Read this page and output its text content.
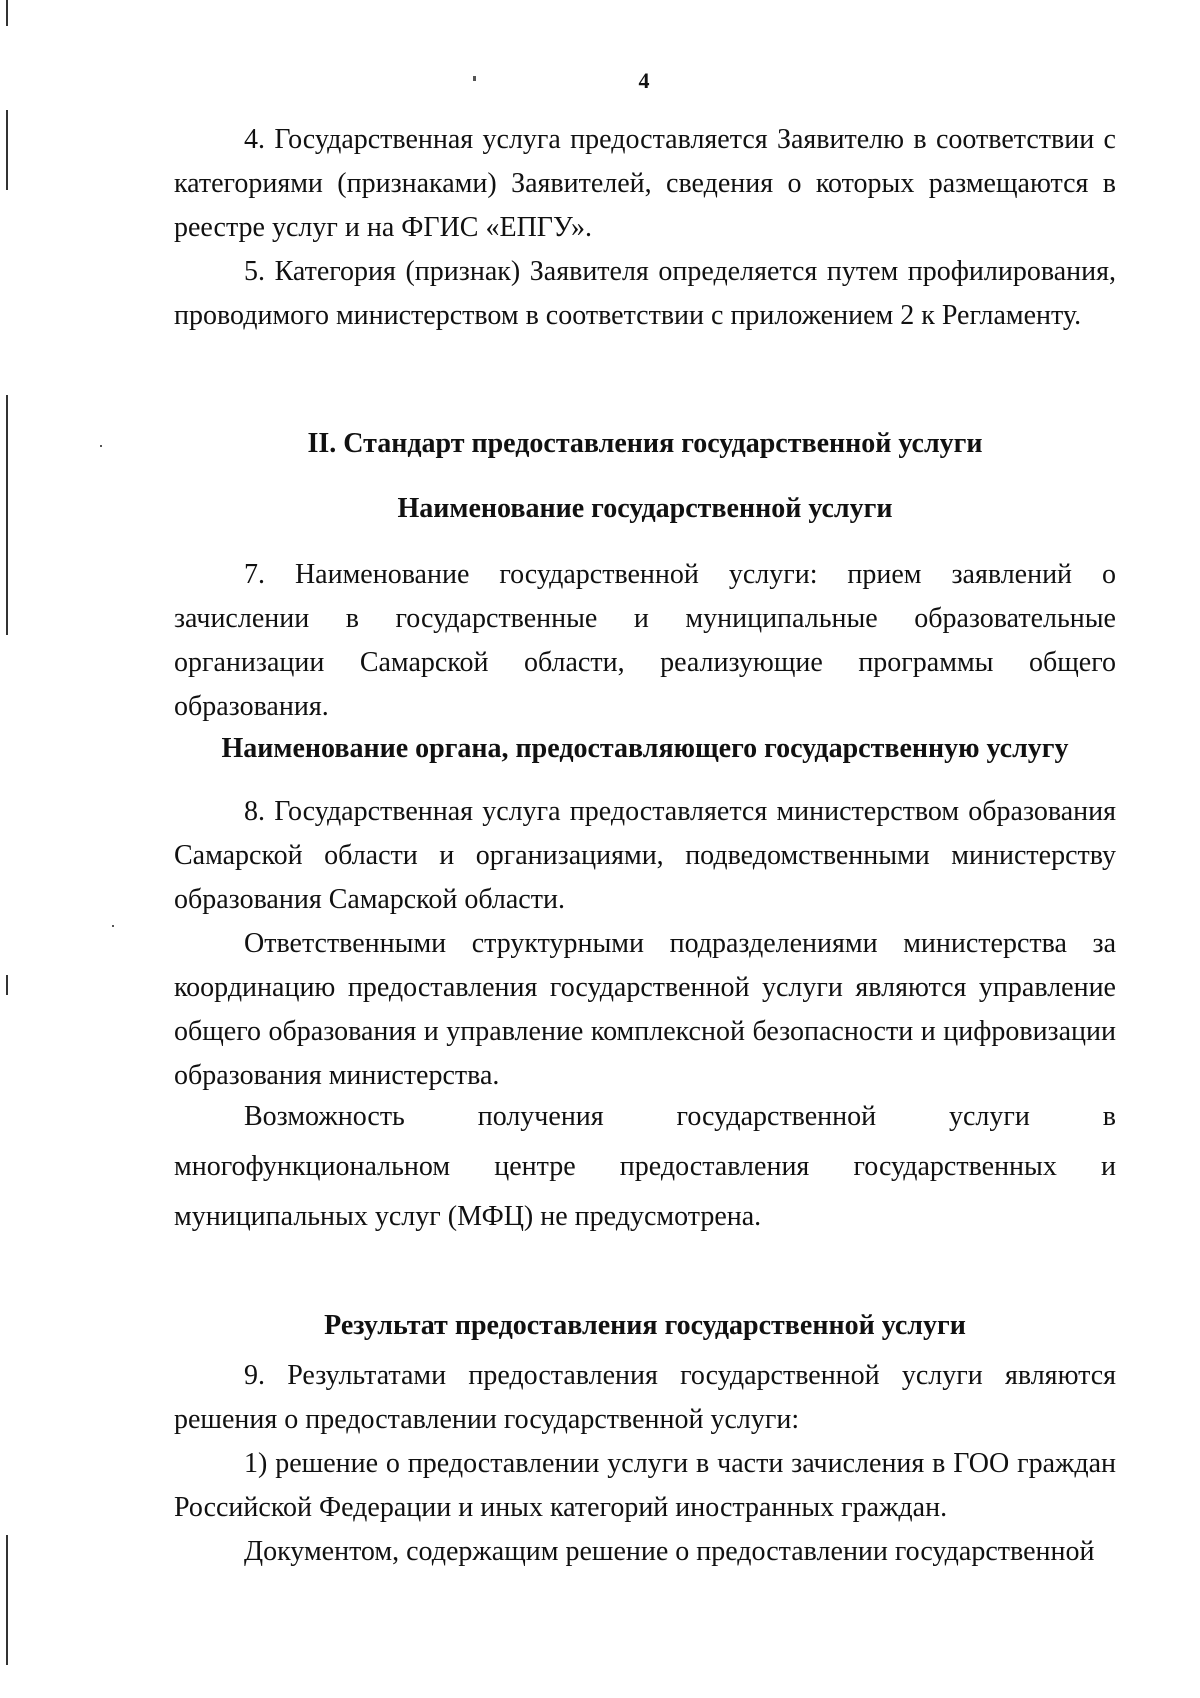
4

4. Государственная услуга предоставляется Заявителю в соответствии с категориями (признаками) Заявителей, сведения о которых размещаются в реестре услуг и на ФГИС «ЕПГУ».

5. Категория (признак) Заявителя определяется путем профилирования, проводимого министерством в соответствии с приложением 2 к Регламенту.

II. Стандарт предоставления государственной услуги
Наименование государственной услуги

7. Наименование государственной услуги: прием заявлений о зачислении в государственные и муниципальные образовательные организации Самарской области, реализующие программы общего образования.

Наименование органа, предоставляющего государственную услугу

8. Государственная услуга предоставляется министерством образования Самарской области и организациями, подведомственными министерству образования Самарской области.

Ответственными структурными подразделениями министерства за координацию предоставления государственной услуги являются управление общего образования и управление комплексной безопасности и цифровизации образования министерства.

Возможность получения государственной услуги в многофункциональном центре предоставления государственных и муниципальных услуг (МФЦ) не предусмотрена.

Результат предоставления государственной услуги

9. Результатами предоставления государственной услуги являются решения о предоставлении государственной услуги:

1) решение о предоставлении услуги в части зачисления в ГОО граждан Российской Федерации и иных категорий иностранных граждан.

Документом, содержащим решение о предоставлении государственной
